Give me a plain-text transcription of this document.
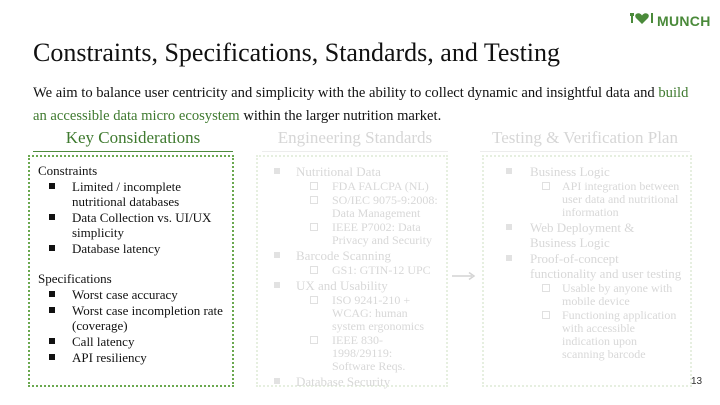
MUNCH
Constraints, Specifications, Standards, and Testing

We aim to balance user centricity and simplicity with the ability to collect dynamic and insightful data and build an accessible data micro ecosystem within the larger nutrition market.

Key Considerations	Engineering Standards	Testing & Verification Plan

Constraints

Limited / incomplete nutritional databases
Data Collection vs. UI/UX simplicity
Database latency

Specifications

Worst case accuracy
Worst case incompletion rate (coverage)
Call latency
API resiliency
Nutritional Data
FDA FALCPA (NL)
SO/IEC 9075-9:2008: Data Management
IEEE P7002: Data Privacy and Security
Barcode Scanning
GS1: GTIN-12 UPC
UX and Usability
ISO 9241-210 + WCAG: human system ergonomics
IEEE 830-1998/29119: Software Reqs.
Database Security
Business Logic
API integration between user data and nutritional information
Web Deployment & Business Logic
Proof-of-concept functionality and user testing
Usable by anyone with mobile device
Functioning application with accessible indication upon scanning barcode
13
